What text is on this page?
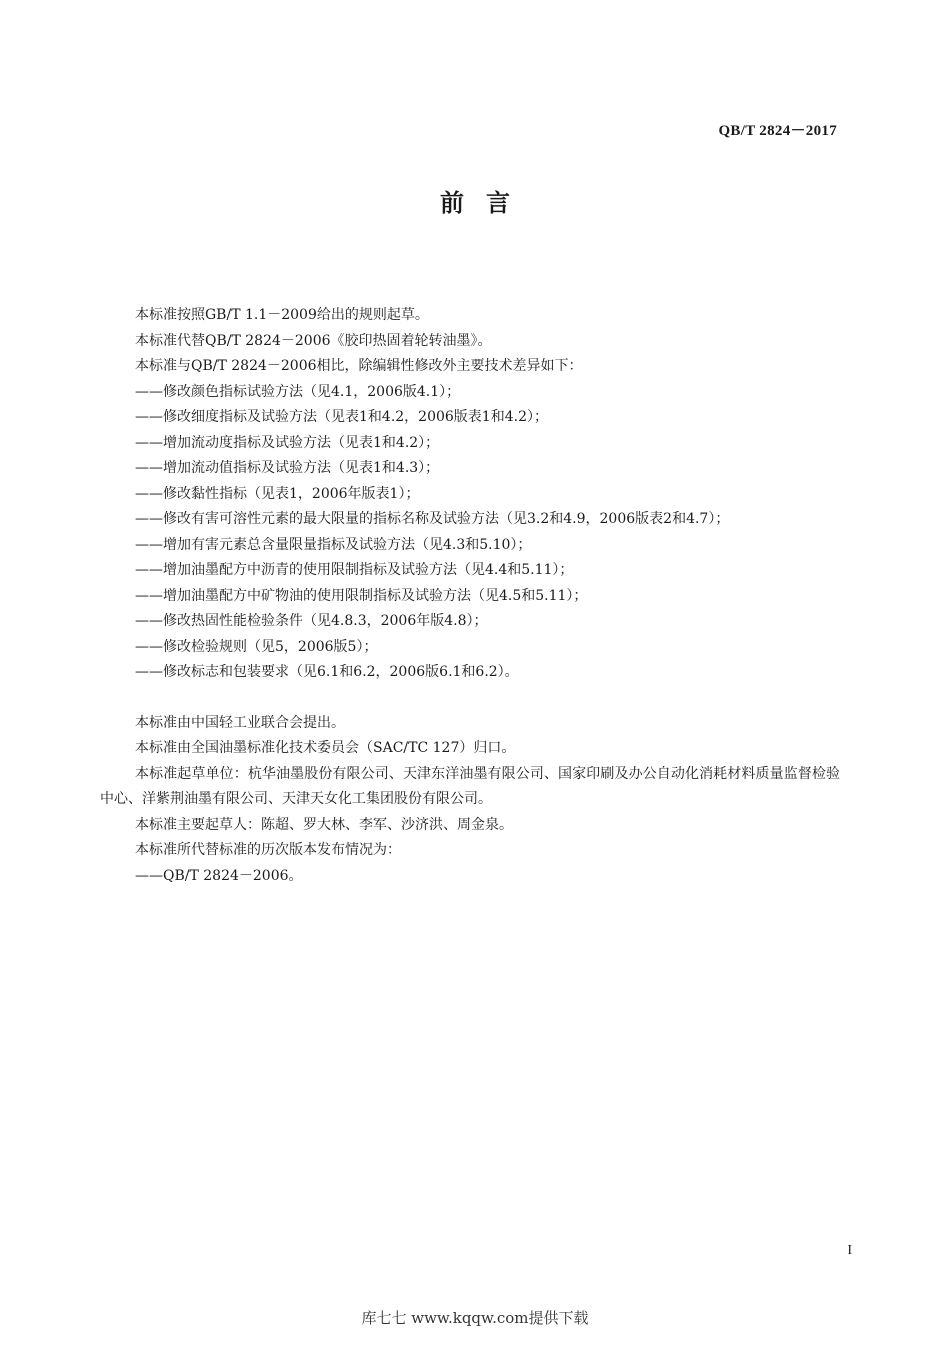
QB/T 2824－2017
前言

本标准按照GB/T 1.1－2009给出的规则起草。

本标准代替QB/T 2824－2006《胶印热固着轮转油墨》。

本标准与QB/T 2824－2006相比，除编辑性修改外主要技术差异如下：

——修改颜色指标试验方法（见4.1，2006版4.1）；

——修改细度指标及试验方法（见表1和4.2，2006版表1和4.2）；

——增加流动度指标及试验方法（见表1和4.2）；

——增加流动值指标及试验方法（见表1和4.3）；

——修改黏性指标（见表1，2006年版表1）；

——修改有害可溶性元素的最大限量的指标名称及试验方法（见3.2和4.9，2006版表2和4.7）；

——增加有害元素总含量限量指标及试验方法（见4.3和5.10）；

——增加油墨配方中沥青的使用限制指标及试验方法（见4.4和5.11）；

——增加油墨配方中矿物油的使用限制指标及试验方法（见4.5和5.11）；

——修改热固性能检验条件（见4.8.3，2006年版4.8）；

——修改检验规则（见5，2006版5）；

——修改标志和包装要求（见6.1和6.2，2006版6.1和6.2）。

本标准由中国轻工业联合会提出。

本标准由全国油墨标准化技术委员会（SAC/TC 127）归口。

本标准起草单位：杭华油墨股份有限公司、天津东洋油墨有限公司、国家印刷及办公自动化消耗材料质量监督检验中心、洋紫荆油墨有限公司、天津天女化工集团股份有限公司。

本标准主要起草人：陈超、罗大林、李军、沙济洪、周金泉。

本标准所代替标准的历次版本发布情况为：

——QB/T 2824－2006。

I
库七七 www.kqqw.com提供下载
